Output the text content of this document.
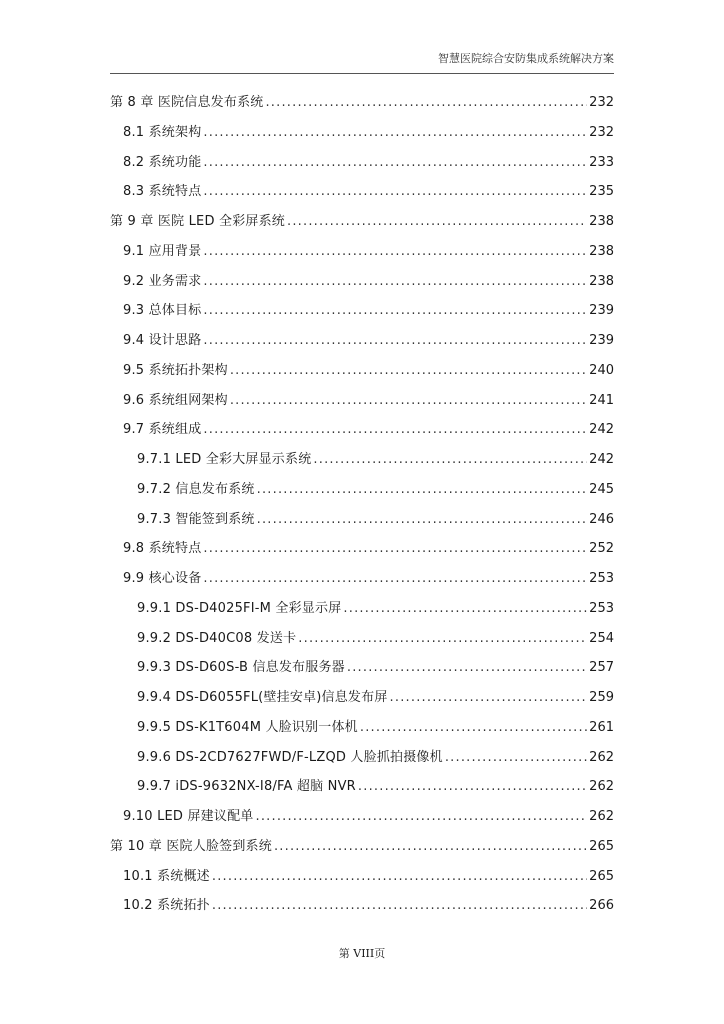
智慧医院综合安防集成系统解决方案
第 8 章 医院信息发布系统 .....	232
8.1 系统架构 .....	232
8.2 系统功能 .....	233
8.3 系统特点 .....	235
第 9 章 医院 LED 全彩屏系统 .....	238
9.1 应用背景 .....	238
9.2 业务需求 .....	238
9.3 总体目标 .....	239
9.4 设计思路 .....	239
9.5 系统拓扑架构 .....	240
9.6 系统组网架构 .....	241
9.7 系统组成 .....	242
9.7.1 LED 全彩大屏显示系统 .....	242
9.7.2 信息发布系统 .....	245
9.7.3 智能签到系统 .....	246
9.8 系统特点 .....	252
9.9 核心设备 .....	253
9.9.1 DS-D4025FI-M 全彩显示屏 .....	253
9.9.2 DS-D40C08 发送卡 .....	254
9.9.3 DS-D60S-B 信息发布服务器 .....	257
9.9.4 DS-D6055FL(壁挂安卓)信息发布屏 .....	259
9.9.5 DS-K1T604M 人脸识别一体机 .....	261
9.9.6 DS-2CD7627FWD/F-LZQD 人脸抓拍摄像机 .....	262
9.9.7 iDS-9632NX-I8/FA 超脑 NVR .....	262
9.10 LED 屏建议配单 .....	262
第 10 章 医院人脸签到系统 .....	265
10.1 系统概述 .....	265
10.2 系统拓扑 .....	266
第 VIII页
